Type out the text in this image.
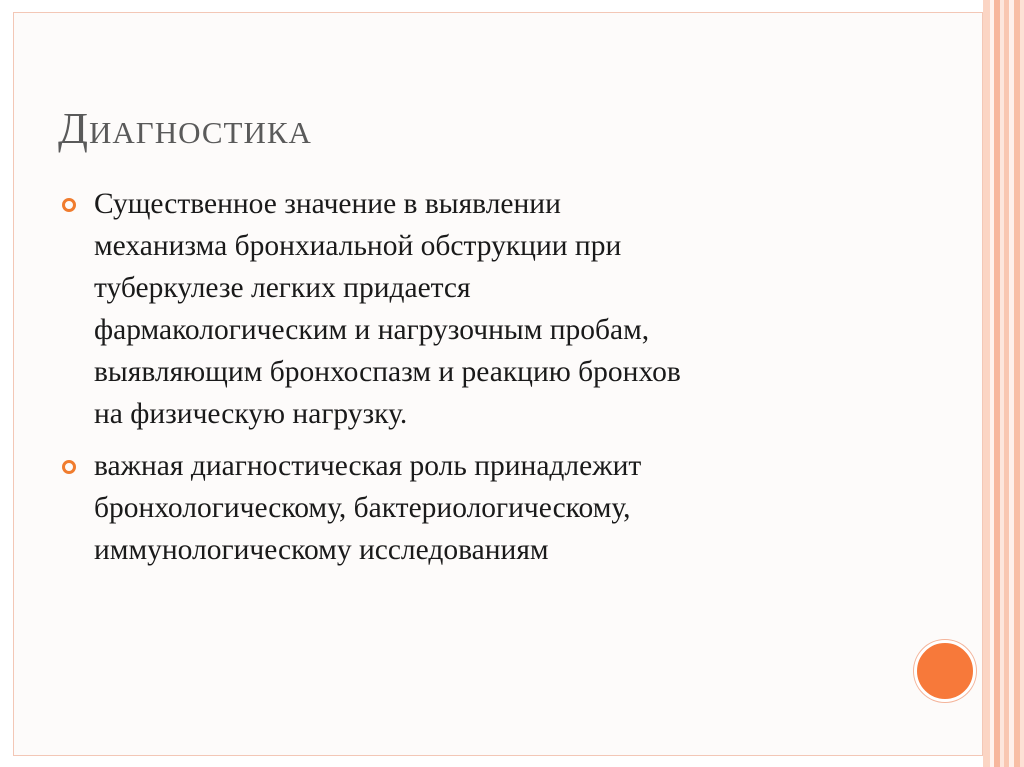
Диагностика
Существенное значение в выявлении
механизма бронхиальной обструкции при
туберкулезе легких придается
фармакологическим и нагрузочным пробам,
выявляющим бронхоспазм и реакцию бронхов
на физическую нагрузку.
важная диагностическая роль принадлежит
бронхологическому, бактериологическому,
иммунологическому исследованиям
